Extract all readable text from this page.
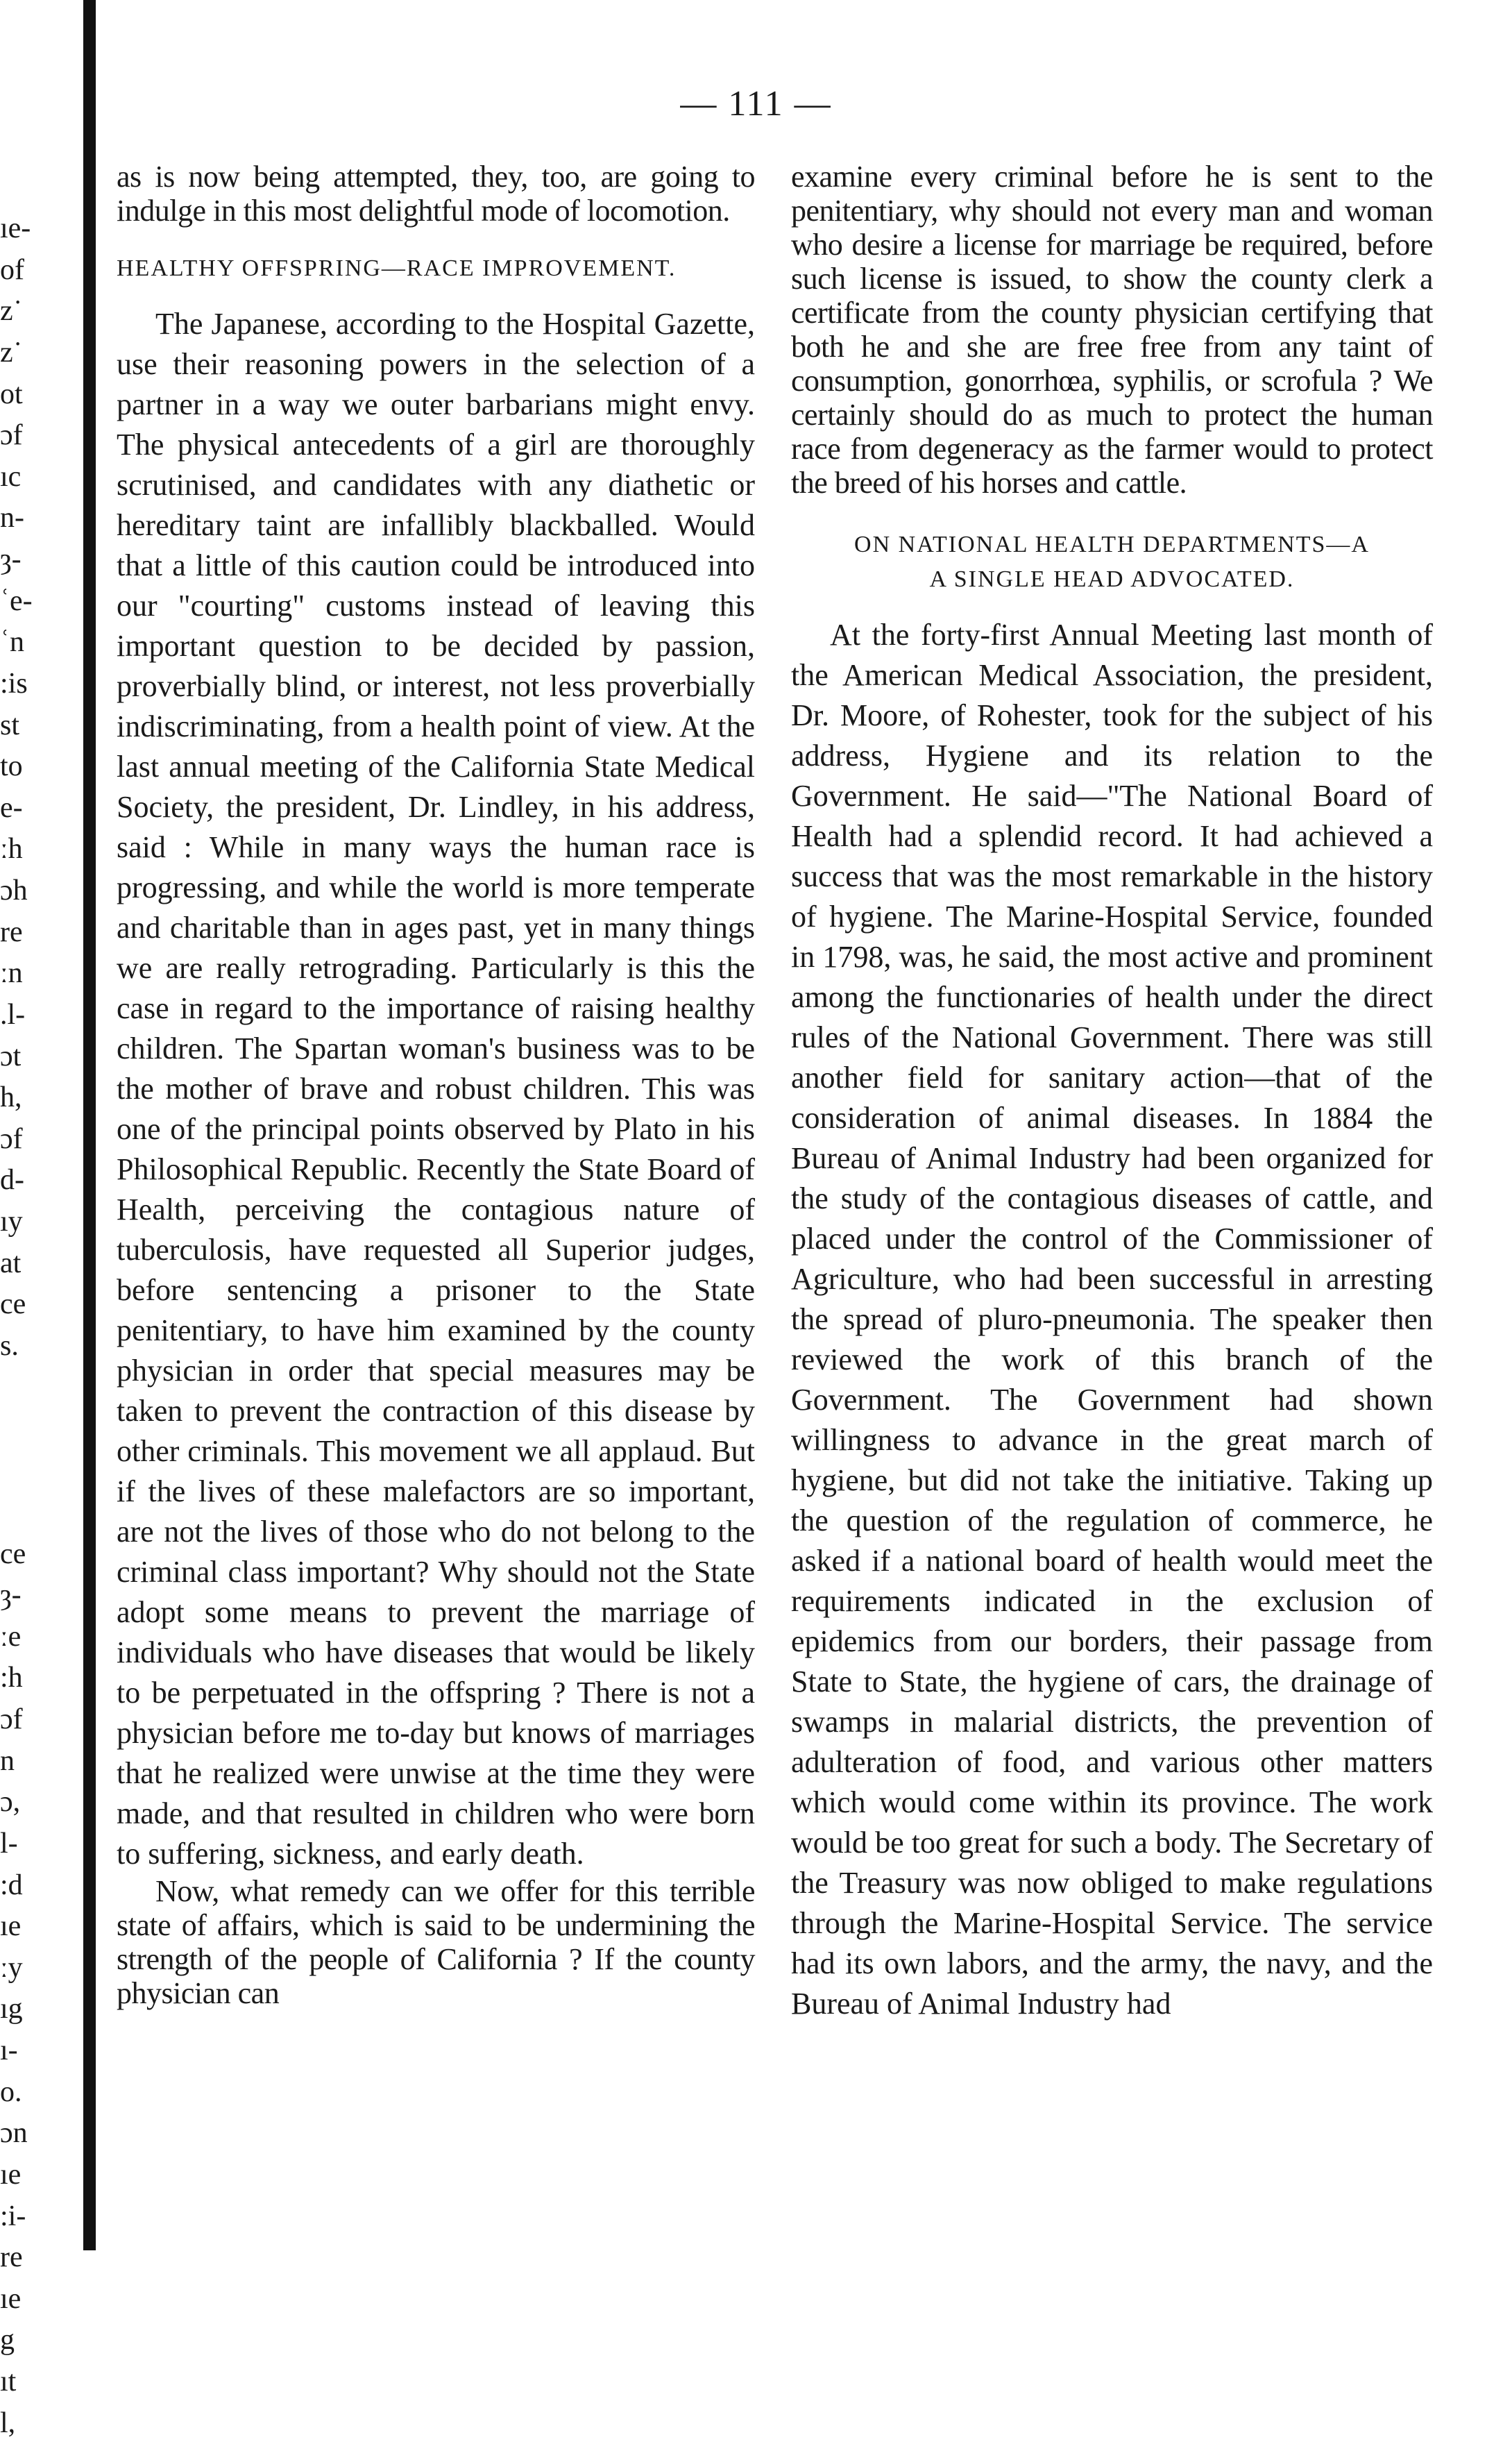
ıe-
of
z˙
z˙
ot
ɔf
ıc
n-
ȝ-
ʿe-
ʿn
:is
st
to
e-
ːh
ɔh
re
ːn
.l-
ɔt
h,
ɔf
d-
ıy
at
ce
s.
ce
ȝ-
ːe
:h
ɔf
n
ɔ,
l-
:d
ıe
ːy
ıg
ı-
o.
ɔn
ıe
:i-
re
ıe
g
ıt
l,
— 111 —

as is now being attempted, they, too, are going to indulge in this most delightful mode of locomotion.

HEALTHY OFFSPRING—RACE IMPROVEMENT.

The Japanese, according to the Hospital Gazette, use their reasoning powers in the selection of a partner in a way we outer barbarians might envy. The physical antecedents of a girl are thoroughly scrutinised, and candidates with any diathetic or hereditary taint are infallibly blackballed. Would that a little of this caution could be introduced into our "courting" customs instead of leaving this important question to be decided by passion, proverbially blind, or interest, not less proverbially indiscriminating, from a health point of view. At the last annual meeting of the California State Medical Society, the president, Dr. Lindley, in his address, said : While in many ways the human race is progressing, and while the world is more temperate and charitable than in ages past, yet in many things we are really retrograding. Particularly is this the case in regard to the importance of raising healthy children. The Spartan woman's business was to be the mother of brave and robust children. This was one of the principal points observed by Plato in his Philosophical Republic. Recently the State Board of Health, perceiving the contagious nature of tuberculosis, have requested all Superior judges, before sentencing a prisoner to the State penitentiary, to have him examined by the county physician in order that special measures may be taken to prevent the contraction of this disease by other criminals. This movement we all applaud. But if the lives of these malefactors are so important, are not the lives of those who do not belong to the criminal class important? Why should not the State adopt some means to prevent the marriage of individuals who have diseases that would be likely to be perpetuated in the offspring ? There is not a physician before me to-day but knows of marriages that he realized were unwise at the time they were made, and that resulted in children who were born to suffering, sickness, and early death.

Now, what remedy can we offer for this terrible state of affairs, which is said to be undermining the strength of the people of California ? If the county physician can

examine every criminal before he is sent to the penitentiary, why should not every man and woman who desire a license for marriage be required, before such license is issued, to show the county clerk a certificate from the county physician certifying that both he and she are free free from any taint of consumption, gonorrhœa, syphilis, or scrofula ? We certainly should do as much to protect the human race from degeneracy as the farmer would to protect the breed of his horses and cattle.

ON NATIONAL HEALTH DEPARTMENTS—A
A SINGLE HEAD ADVOCATED.

At the forty-first Annual Meeting last month of the American Medical Association, the president, Dr. Moore, of Rohester, took for the subject of his address, Hygiene and its relation to the Government. He said—"The National Board of Health had a splendid record. It had achieved a success that was the most remarkable in the history of hygiene. The Marine-Hospital Service, founded in 1798, was, he said, the most active and prominent among the functionaries of health under the direct rules of the National Government. There was still another field for sanitary action—that of the consideration of animal diseases. In 1884 the Bureau of Animal Industry had been organized for the study of the contagious diseases of cattle, and placed under the control of the Commissioner of Agriculture, who had been successful in arresting the spread of pluro-pneumonia. The speaker then reviewed the work of this branch of the Government. The Government had shown willingness to advance in the great march of hygiene, but did not take the initiative. Taking up the question of the regulation of commerce, he asked if a national board of health would meet the requirements indicated in the exclusion of epidemics from our borders, their passage from State to State, the hygiene of cars, the drainage of swamps in malarial districts, the prevention of adulteration of food, and various other matters which would come within its province. The work would be too great for such a body. The Secretary of the Treasury was now obliged to make regulations through the Marine-Hospital Service. The service had its own labors, and the army, the navy, and the Bureau of Animal Industry had
